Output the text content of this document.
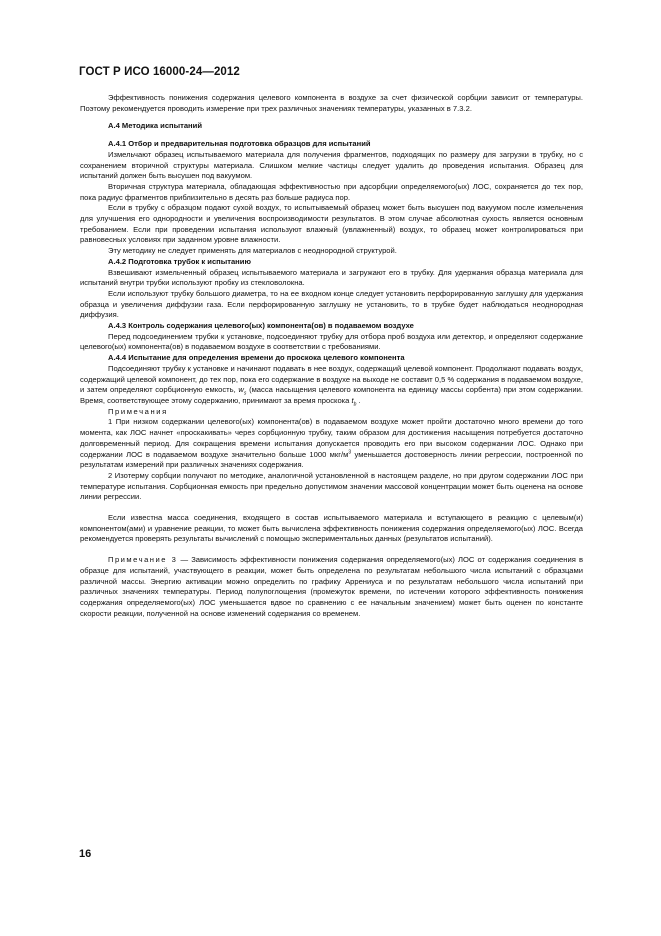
ГОСТ Р ИСО 16000-24—2012

Эффективность понижения содержания целевого компонента в воздухе за счет физической сорбции зависит от температуры. Поэтому рекомендуется проводить измерение при трех различных значениях температуры, указанных в 7.3.2.

А.4 Методика испытаний
А.4.1 Отбор и предварительная подготовка образцов для испытаний

Измельчают образец испытываемого материала для получения фрагментов, подходящих по размеру для загрузки в трубку, но с сохранением вторичной структуры материала. Слишком мелкие частицы следует удалить до проведения испытания. Образец для испытаний должен быть высушен под вакуумом.

Вторичная структура материала, обладающая эффективностью при адсорбции определяемого(ых) ЛОС, сохраняется до тех пор, пока радиус фрагментов приблизительно в десять раз больше радиуса пор.

Если в трубку с образцом подают сухой воздух, то испытываемый образец может быть высушен под вакуумом после измельчения для улучшения его однородности и увеличения воспроизводимости результатов. В этом случае абсолютная сухость является основным требованием. Если при проведении испытания используют влажный (увлажненный) воздух, то образец может контролироваться при равновесных условиях при заданном уровне влажности.

Эту методику не следует применять для материалов с неоднородной структурой.

А.4.2 Подготовка трубок к испытанию

Взвешивают измельченный образец испытываемого материала и загружают его в трубку. Для удержания образца материала для испытаний внутри трубки используют пробку из стекловолокна.

Если используют трубку большого диаметра, то на ее входном конце следует установить перфорированную заглушку для удержания образца и увеличения диффузии газа. Если перфорированную заглушку не установить, то в трубке будет наблюдаться неоднородная диффузия.

А.4.3 Контроль содержания целевого(ых) компонента(ов) в подаваемом воздухе

Перед подсоединением трубки к установке, подсоединяют трубку для отбора проб воздуха или детектор, и определяют содержание целевого(ых) компонента(ов) в подаваемом воздухе в соответствии с требованиями.

А.4.4 Испытание для определения времени до проскока целевого компонента

Подсоединяют трубку к установке и начинают подавать в нее воздух, содержащий целевой компонент. Продолжают подавать воздух, содержащий целевой компонент, до тех пор, пока его содержание в воздухе на выходе не составит 0,5 % содержания в подаваемом воздухе, и затем определяют сорбционную емкость, $w_s$ (масса насыщения целевого компонента на единицу массы сорбента) при этом содержании. Время, соответствующее этому содержанию, принимают за время проскока $t_b$ .

Примечания

1 При низком содержании целевого(ых) компонента(ов) в подаваемом воздухе может пройти достаточно много времени до того момента, как ЛОС начнет «проскакивать» через сорбционную трубку, таким образом для достижения насыщения потребуется достаточно долговременный период. Для сокращения времени испытания допускается проводить его при высоком содержании ЛОС. Однако при содержании ЛОС в подаваемом воздухе значительно больше 1000 мкг/$м^3$ уменьшается достоверность линии регрессии, построенной по результатам измерений при различных значениях содержания.

2 Изотерму сорбции получают по методике, аналогичной установленной в настоящем разделе, но при другом содержании ЛОС при температуре испытания. Сорбционная емкость при предельно допустимом значении массовой концентрации может быть оценена на основе линии регрессии.

Если известна масса соединения, входящего в состав испытываемого материала и вступающего в реакцию с целевым(и) компонентом(ами) и уравнение реакции, то может быть вычислена эффективность понижения содержания определяемого(ых) ЛОС. Всегда рекомендуется проверять результаты вычислений с помощью экспериментальных данных (результатов испытаний).

Примечание 3 — Зависимость эффективности понижения содержания определяемого(ых) ЛОС от содержания соединения в образце для испытаний, участвующего в реакции, может быть определена по результатам небольшого числа испытаний с образцами различной массы. Энергию активации можно определить по графику Аррениуса и по результатам небольшого числа испытаний при различных значениях температуры. Период полупоглощения (промежуток времени, по истечении которого эффективность понижения содержания определяемого(ых) ЛОС уменьшается вдвое по сравнению с ее начальным значением) может быть оценен по константе скорости реакции, полученной на основе изменений содержания со временем.

16
